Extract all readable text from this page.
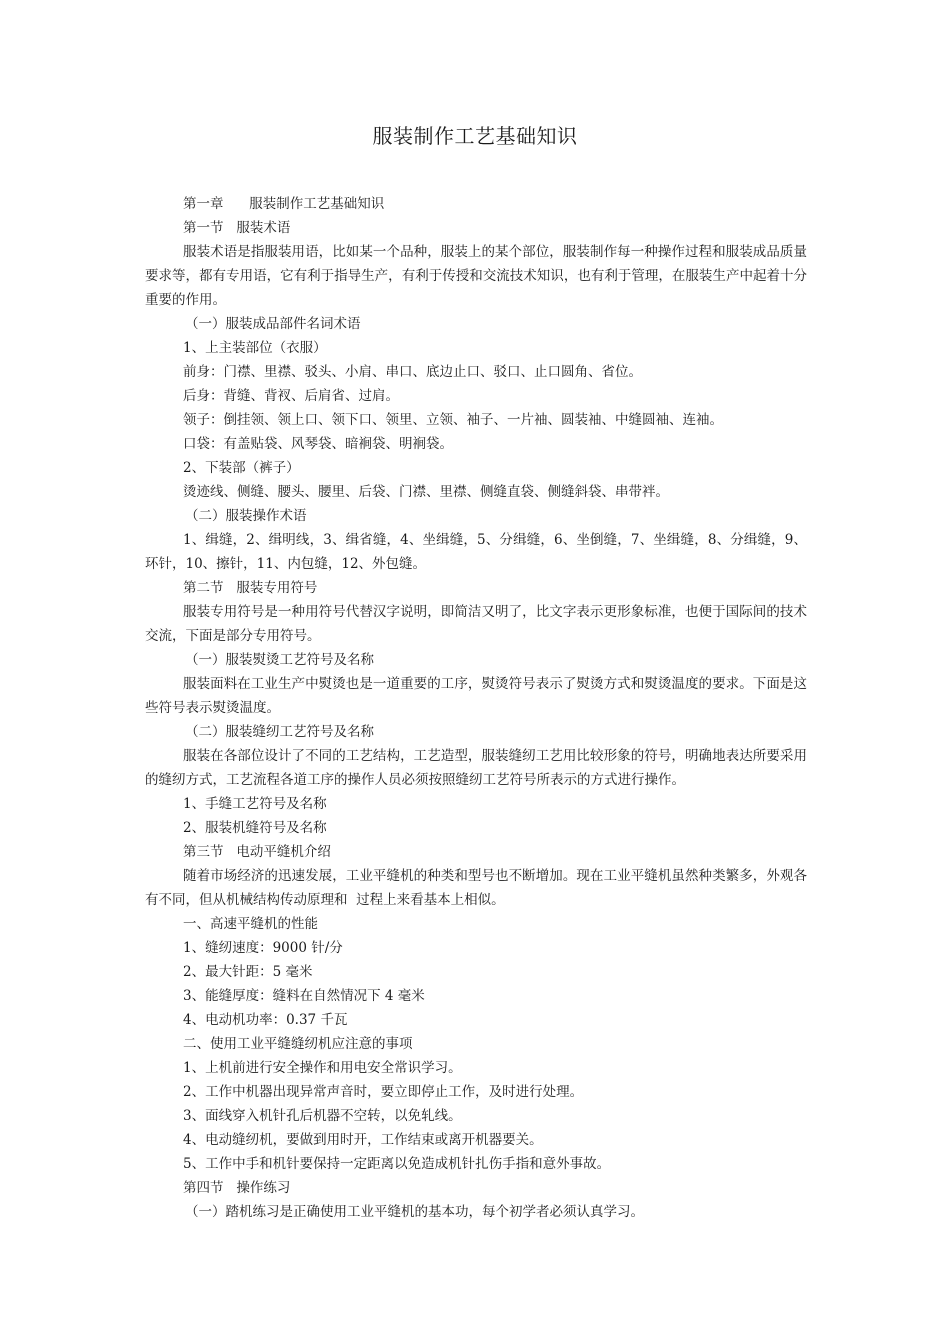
服装制作工艺基础知识

第一章      服装制作工艺基础知识

第一节   服装术语

服装术语是指服装用语，比如某一个品种，服装上的某个部位，服装制作每一种操作过程和服装成品质量要求等，都有专用语，它有利于指导生产，有利于传授和交流技术知识，也有利于管理，在服装生产中起着十分重要的作用。

（一）服装成品部件名词术语

1、上主装部位（衣服）

前身：门襟、里襟、驳头、小肩、串口、底边止口、驳口、止口圆角、省位。

后身：背缝、背衩、后肩省、过肩。

领子：倒挂领、领上口、领下口、领里、立领、袖子、一片袖、圆装袖、中缝圆袖、连袖。

口袋：有盖贴袋、风琴袋、暗裥袋、明裥袋。

2、下装部（裤子）

烫迹线、侧缝、腰头、腰里、后袋、门襟、里襟、侧缝直袋、侧缝斜袋、串带袢。

（二）服装操作术语

1、缉缝，2、缉明线，3、缉省缝，4、坐缉缝，5、分缉缝，6、坐倒缝，7、坐缉缝，8、分缉缝，9、环针，10、擦针，11、内包缝，12、外包缝。

第二节   服装专用符号

服装专用符号是一种用符号代替汉字说明，即简洁又明了，比文字表示更形象标准，也便于国际间的技术交流，下面是部分专用符号。

（一）服装熨烫工艺符号及名称

服装面料在工业生产中熨烫也是一道重要的工序，熨烫符号表示了熨烫方式和熨烫温度的要求。下面是这些符号表示熨烫温度。

（二）服装缝纫工艺符号及名称

服装在各部位设计了不同的工艺结构，工艺造型，服装缝纫工艺用比较形象的符号，明确地表达所要采用的缝纫方式，工艺流程各道工序的操作人员必须按照缝纫工艺符号所表示的方式进行操作。

1、手缝工艺符号及名称

2、服装机缝符号及名称

第三节   电动平缝机介绍

随着市场经济的迅速发展，工业平缝机的种类和型号也不断增加。现在工业平缝机虽然种类繁多，外观各有不同，但从机械结构传动原理和  过程上来看基本上相似。

一、高速平缝机的性能

1、缝纫速度：9000 针/分

2、最大针距：5 毫米

3、能缝厚度：缝料在自然情况下 4 毫米

4、电动机功率：0.37 千瓦

二、使用工业平缝缝纫机应注意的事项

1、上机前进行安全操作和用电安全常识学习。

2、工作中机器出现异常声音时，要立即停止工作，及时进行处理。

3、面线穿入机针孔后机器不空转，以免轧线。

4、电动缝纫机，要做到用时开，工作结束或离开机器要关。

5、工作中手和机针要保持一定距离以免造成机针扎伤手指和意外事故。

第四节   操作练习

（一）踏机练习是正确使用工业平缝机的基本功，每个初学者必须认真学习。
